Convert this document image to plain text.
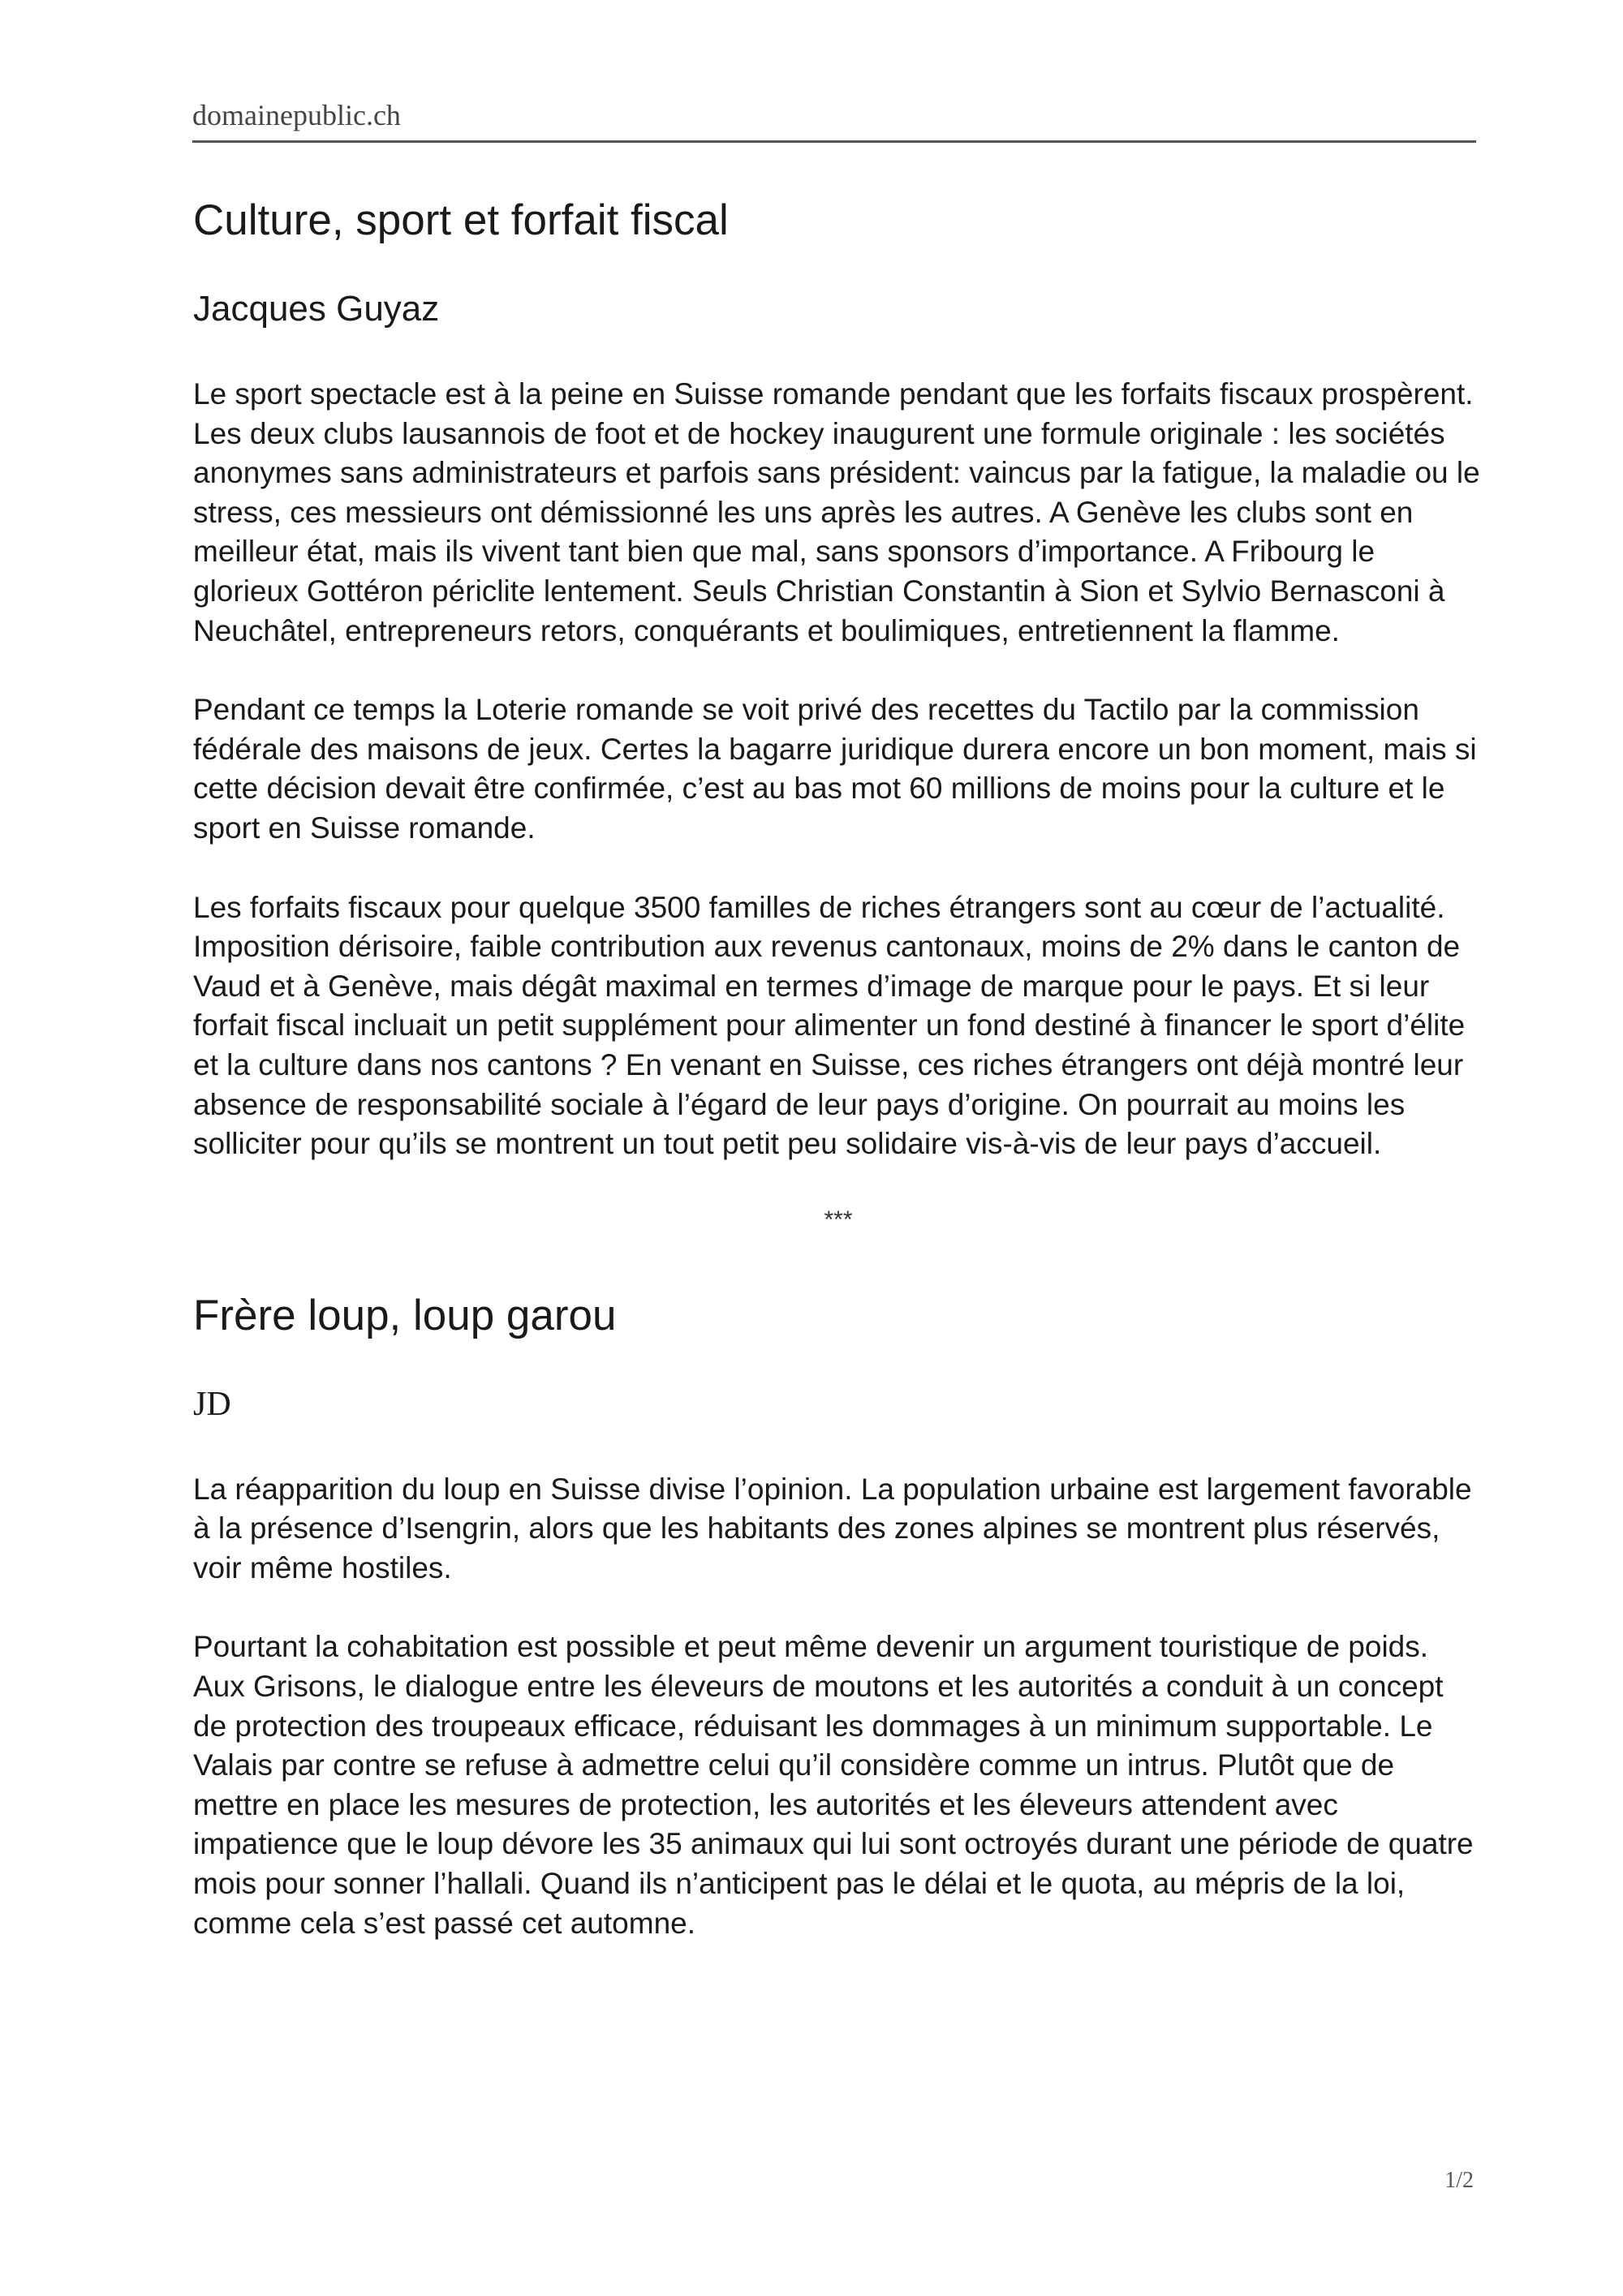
domainepublic.ch
Culture, sport et forfait fiscal
Jacques Guyaz

Le sport spectacle est à la peine en Suisse romande pendant que les forfaits fiscaux prospèrent. Les deux clubs lausannois de foot et de hockey inaugurent une formule originale : les sociétés anonymes sans administrateurs et parfois sans président: vaincus par la fatigue, la maladie ou le stress, ces messieurs ont démissionné les uns après les autres. A Genève les clubs sont en meilleur état, mais ils vivent tant bien que mal, sans sponsors d’importance. A Fribourg le glorieux Gottéron périclite lentement. Seuls Christian Constantin à Sion et Sylvio Bernasconi à Neuchâtel, entrepreneurs retors, conquérants et boulimiques, entretiennent la flamme.

Pendant ce temps la Loterie romande se voit privé des recettes du Tactilo par la commission fédérale des maisons de jeux. Certes la bagarre juridique durera encore un bon moment, mais si cette décision devait être confirmée, c’est au bas mot 60 millions de moins pour la culture et le sport en Suisse romande.

Les forfaits fiscaux pour quelque 3500 familles de riches étrangers sont au cœur de l’actualité. Imposition dérisoire, faible contribution aux revenus cantonaux, moins de 2% dans le canton de Vaud et à Genève, mais dégât maximal en termes d’image de marque pour le pays. Et si leur forfait fiscal incluait un petit supplément pour alimenter un fond destiné à financer le sport d’élite et la culture dans nos cantons ? En venant en Suisse, ces riches étrangers ont déjà montré leur absence de responsabilité sociale à l’égard de leur pays d’origine. On pourrait au moins les solliciter pour qu’ils se montrent un tout petit peu solidaire vis-à-vis de leur pays d’accueil.

***
Frère loup, loup garou
JD

La réapparition du loup en Suisse divise l’opinion. La population urbaine est largement favorable à la présence d’Isengrin, alors que les habitants des zones alpines se montrent plus réservés, voir même hostiles.

Pourtant la cohabitation est possible et peut même devenir un argument touristique de poids. Aux Grisons, le dialogue entre les éleveurs de moutons et les autorités a conduit à un concept de protection des troupeaux efficace, réduisant les dommages à un minimum supportable. Le Valais par contre se refuse à admettre celui qu’il considère comme un intrus. Plutôt que de mettre en place les mesures de protection, les autorités et les éleveurs attendent avec impatience que le loup dévore les 35 animaux qui lui sont octroyés durant une période de quatre mois pour sonner l’hallali. Quand ils n’anticipent pas le délai et le quota, au mépris de la loi, comme cela s’est passé cet automne.

1/2
